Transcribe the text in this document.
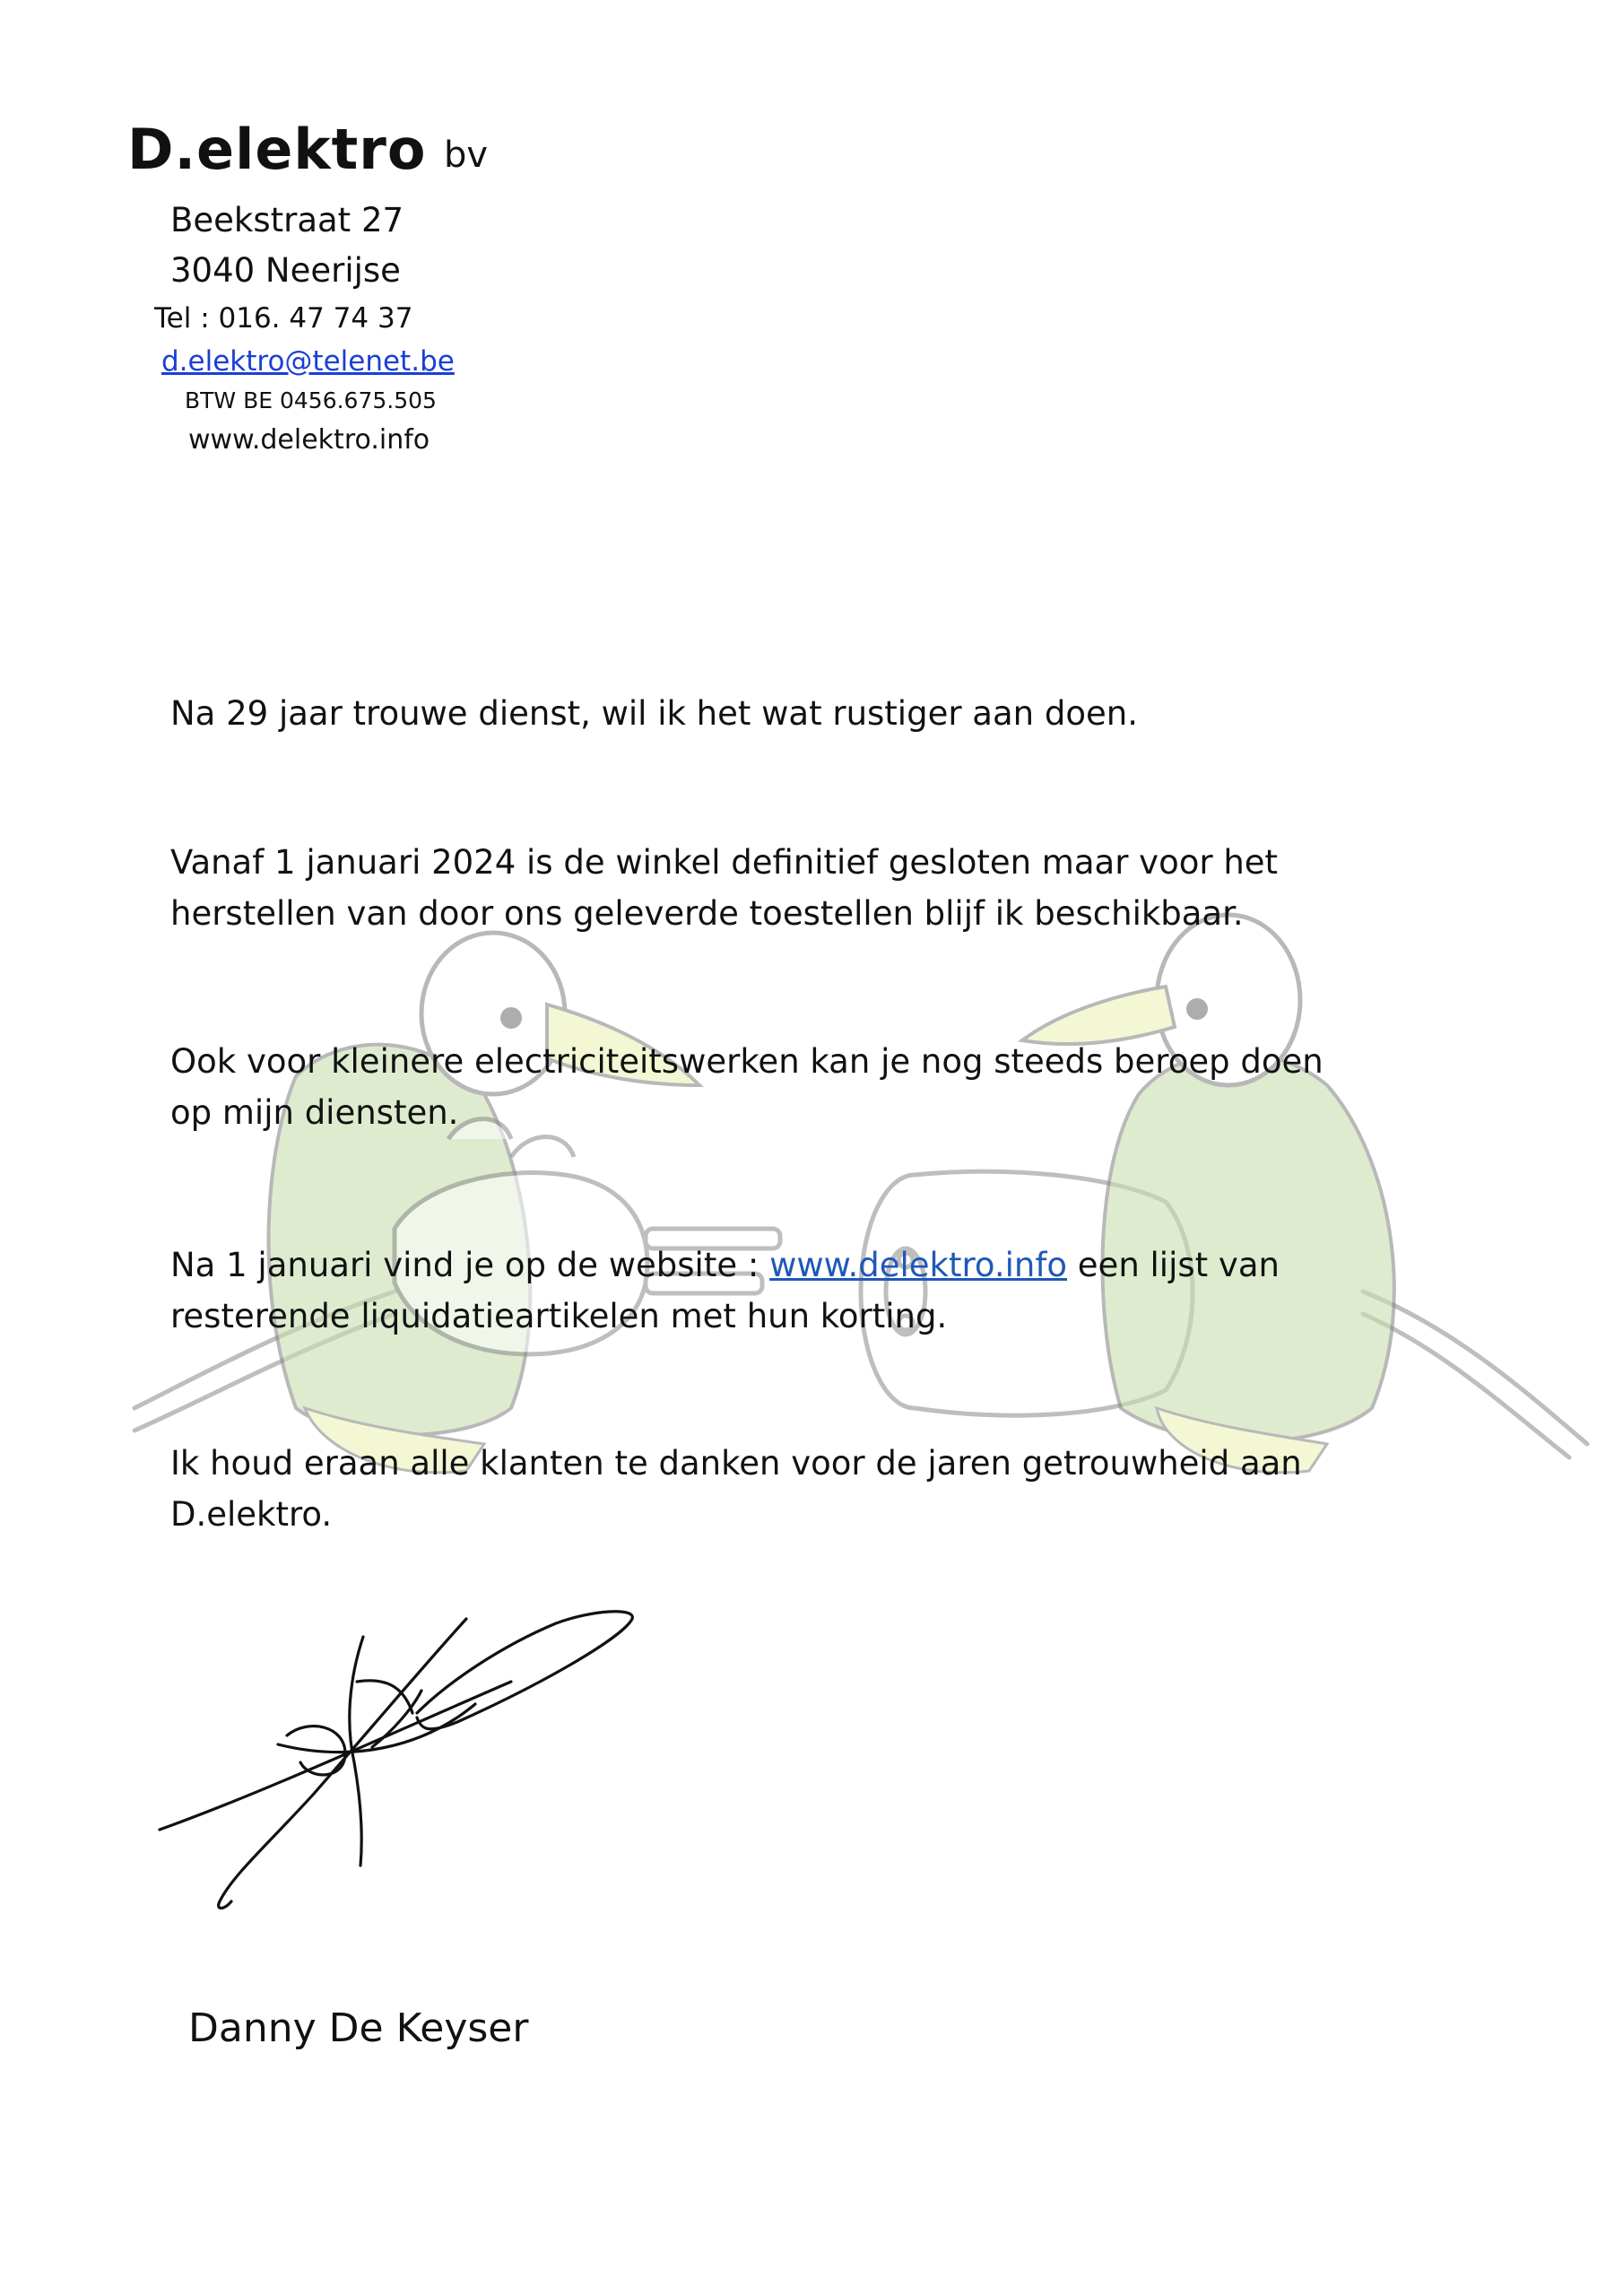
D.elektro bv
Beekstraat 27
3040 Neerijse
Tel : 016. 47 74 37
d.elektro@telenet.be
BTW BE 0456.675.505
www.delektro.info
Na 29 jaar trouwe dienst, wil ik het wat rustiger aan doen.
Vanaf 1 januari 2024 is de winkel definitief gesloten maar voor het
herstellen van door ons geleverde toestellen blijf ik beschikbaar.
Ook voor kleinere electriciteitswerken kan je nog steeds beroep doen
op mijn diensten.
Na 1 januari vind je op de website : www.delektro.info een lijst van
resterende liquidatieartikelen met hun korting.
Ik houd eraan alle klanten te danken voor de jaren getrouwheid aan
D.elektro.
Danny De Keyser
